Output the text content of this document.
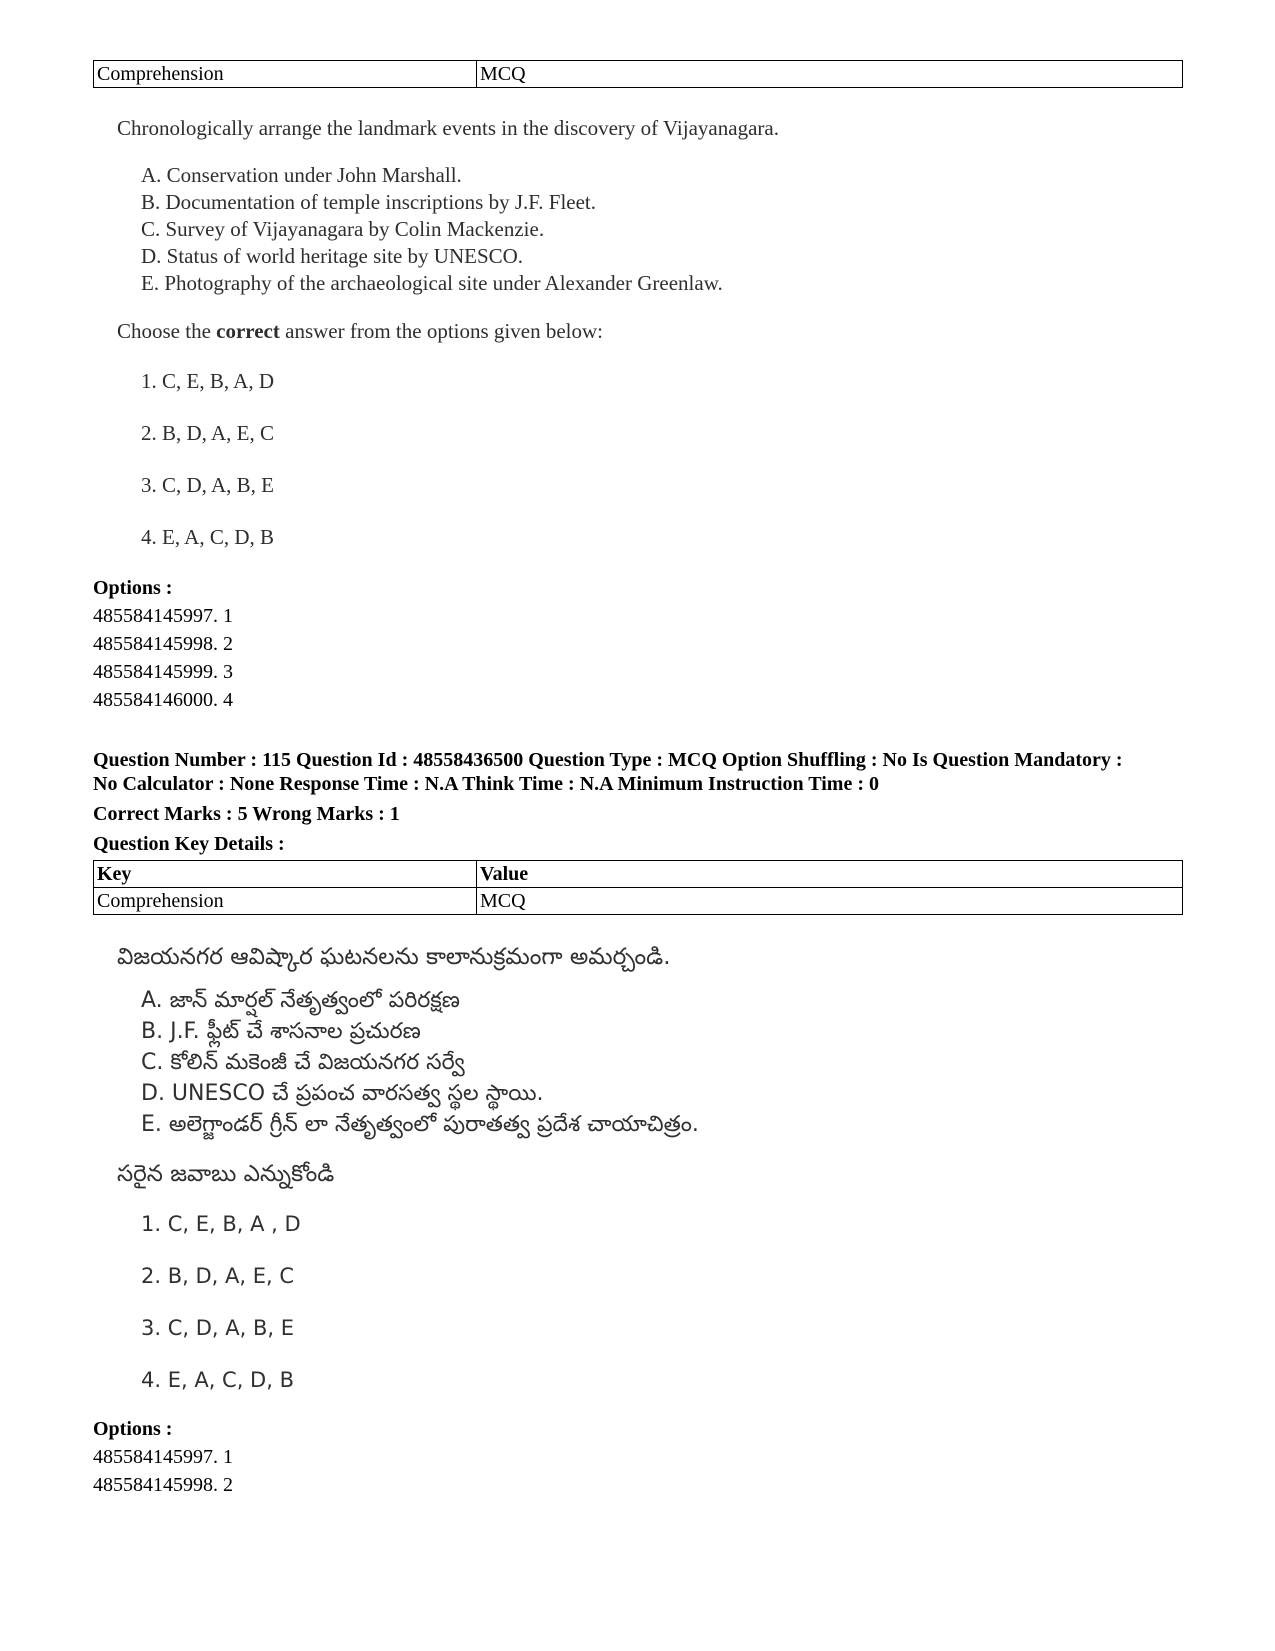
Comprehension	MCQ
Chronologically arrange the landmark events in the discovery of Vijayanagara.
A. Conservation under John Marshall.
B. Documentation of temple inscriptions by J.F. Fleet.
C. Survey of Vijayanagara by Colin Mackenzie.
D. Status of world heritage site by UNESCO.
E. Photography of the archaeological site under Alexander Greenlaw.
Choose the correct answer from the options given below:
1. C, E, B, A, D
2. B, D, A, E, C
3. C, D, A, B, E
4. E, A, C, D, B
Options :
485584145997. 1
485584145998. 2
485584145999. 3
485584146000. 4
Question Number : 115 Question Id : 48558436500 Question Type : MCQ Option Shuffling : No Is Question Mandatory :
No Calculator : None Response Time : N.A Think Time : N.A Minimum Instruction Time : 0
Correct Marks : 5 Wrong Marks : 1
Question Key Details :
Key	Value
Comprehension	MCQ
విజయనగర ఆవిష్కార ఘటనలను కాలానుక్రమంగా అమర్చండి.
A. జాన్ మార్షల్ నేతృత్వంలో పరిరక్షణ
B. J.F. ఫ్లీట్ చే శాసనాల ప్రచురణ
C. కోలిన్ మకెంజీ చే విజయనగర సర్వే
D. UNESCO చే ప్రపంచ వారసత్వ స్థల స్థాయి.
E. అలెగ్జాండర్ గ్రీన్ లా నేతృత్వంలో పురాతత్వ ప్రదేశ చాయాచిత్రం.
సరైన జవాబు ఎన్నుకోండి
1. C, E, B, A , D
2. B, D, A, E, C
3. C, D, A, B, E
4. E, A, C, D, B
Options :
485584145997. 1
485584145998. 2
